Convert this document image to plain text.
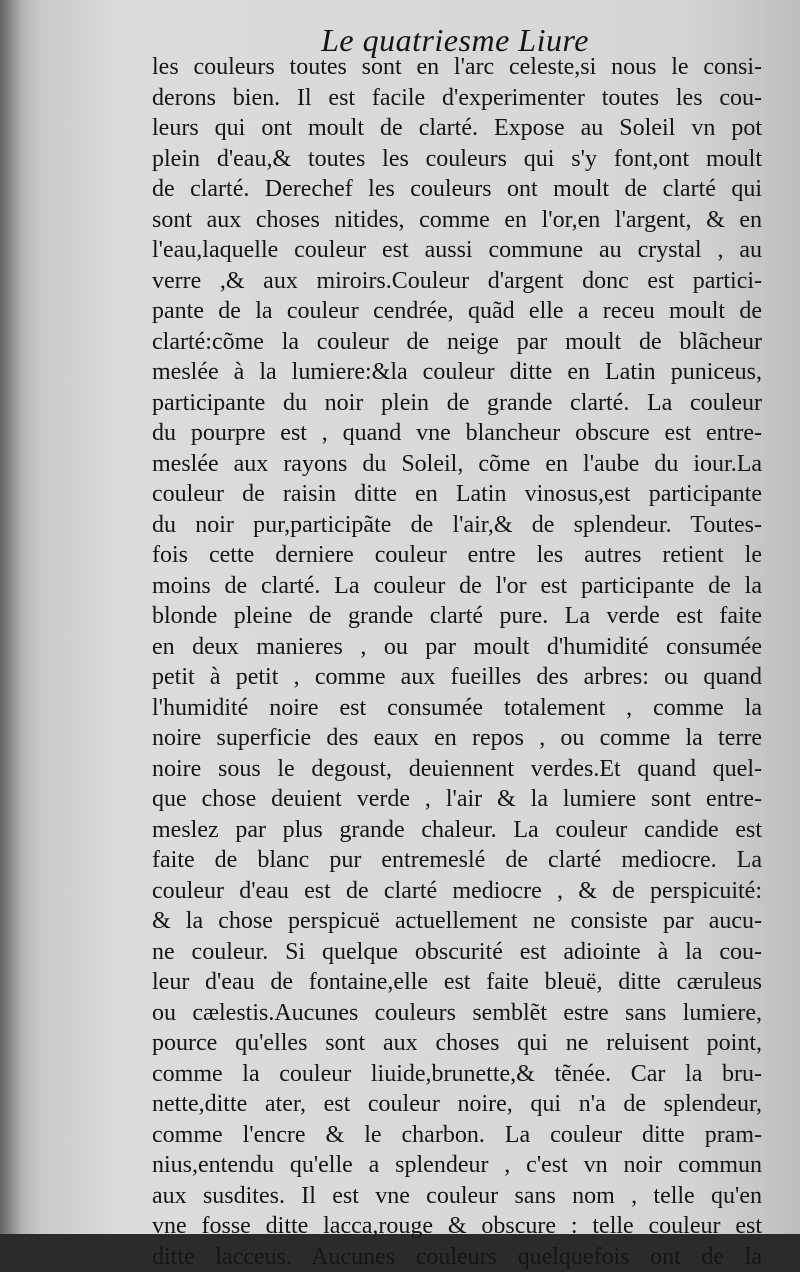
Le quatriesme Liure
les couleurs toutes sont en l'arc celeste,si nous le consi-
derons bien. Il est facile d'experimenter toutes les cou-
leurs qui ont moult de clarté. Expose au Soleil vn pot
plein d'eau,& toutes les couleurs qui s'y font,ont moult
de clarté. Derechef les couleurs ont moult de clarté qui
sont aux choses nitides, comme en l'or,en l'argent, & en
l'eau,laquelle couleur est aussi commune au crystal , au
verre ,& aux miroirs.Couleur d'argent donc est partici-
pante de la couleur cendrée, quãd elle a receu moult de
clarté:cõme la couleur de neige par moult de blãcheur
meslée à la lumiere:&la couleur ditte en Latin puniceus,
participante du noir plein de grande clarté. La couleur
du pourpre est , quand vne blancheur obscure est entre-
meslée aux rayons du Soleil, cõme en l'aube du iour.La
couleur de raisin ditte en Latin vinosus,est participante
du noir pur,participãte de l'air,& de splendeur. Toutes-
fois cette derniere couleur entre les autres retient le
moins de clarté. La couleur de l'or est participante de la
blonde pleine de grande clarté pure. La verde est faite
en deux manieres , ou par moult d'humidité consumée
petit à petit , comme aux fueilles des arbres: ou quand
l'humidité noire est consumée totalement , comme la
noire superficie des eaux en repos , ou comme la terre
noire sous le degoust, deuiennent verdes.Et quand quel-
que chose deuient verde , l'air & la lumiere sont entre-
meslez par plus grande chaleur. La couleur candide est
faite de blanc pur entremeslé de clarté mediocre. La
couleur d'eau est de clarté mediocre , & de perspicuité:
& la chose perspicuë actuellement ne consiste par aucu-
ne couleur. Si quelque obscurité est adiointe à la cou-
leur d'eau de fontaine,elle est faite bleuë, ditte cæruleus
ou cælestis.Aucunes couleurs semblẽt estre sans lumiere,
pource qu'elles sont aux choses qui ne reluisent point,
comme la couleur liuide,brunette,& tẽnée. Car la bru-
nette,ditte ater, est couleur noire, qui n'a de splendeur,
comme l'encre & le charbon. La couleur ditte pram-
nius,entendu qu'elle a splendeur , c'est vn noir commun
aux susdites. Il est vne couleur sans nom , telle qu'en
vne fosse ditte lacca,rouge & obscure : telle couleur est
ditte lacceus. Aucunes couleurs quelquefois ont de la
